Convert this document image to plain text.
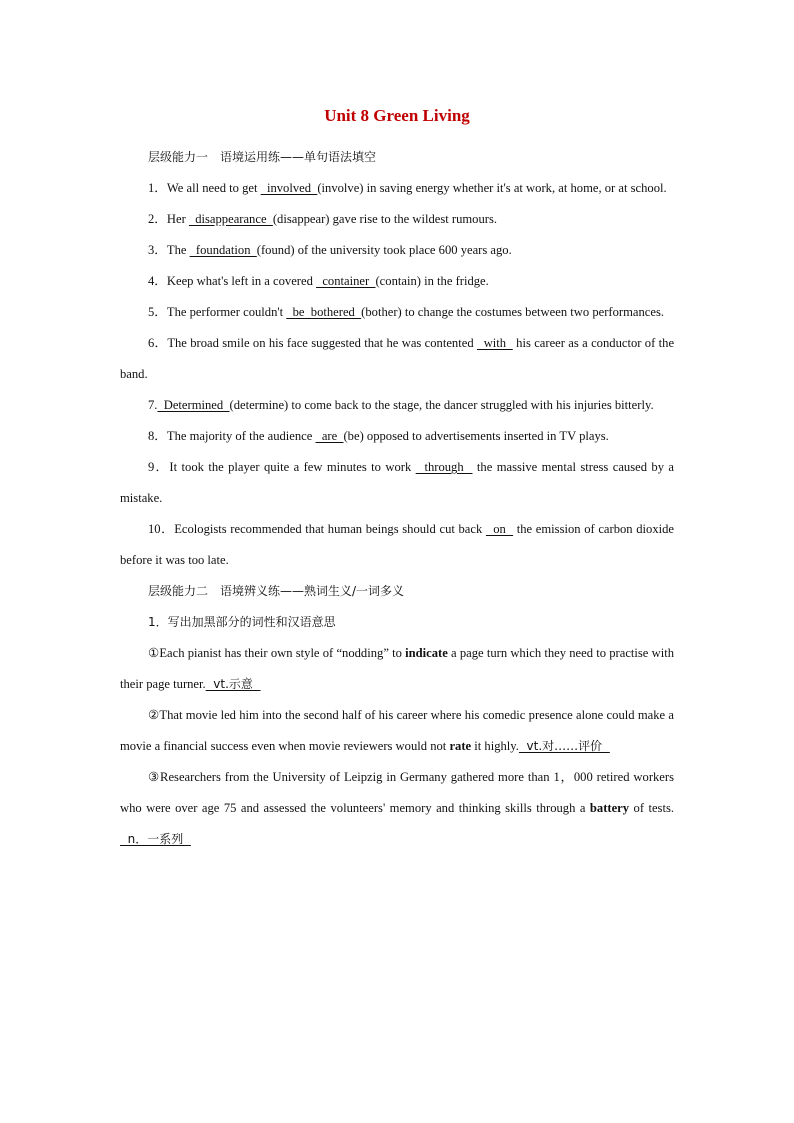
Unit 8 Green Living

层级能力一　语境运用练——单句语法填空

1．We all need to get   involved  (involve) in saving energy whether it's at work, at home, or at school.

2．Her   disappearance  (disappear) gave rise to the wildest rumours.

3．The   foundation  (found) of the university took place 600 years ago.

4．Keep what's left in a covered   container  (contain) in the fridge.

5．The performer couldn't   be  bothered  (bother) to change the costumes between two performances.

6．The broad smile on his face suggested that he was contented   with   his career as a conductor of the band.

7.  Determined  (determine) to come back to the stage, the dancer struggled with his injuries bitterly.

8．The majority of the audience   are  (be) opposed to advertisements inserted in TV plays.

9．It took the player quite a few minutes to work   through   the massive mental stress caused by a mistake.

10．Ecologists recommended that human beings should cut back   on   the emission of carbon dioxide before it was too late.

层级能力二　语境辨义练——熟词生义/一词多义

1．写出加黑部分的词性和汉语意思

①Each pianist has their own style of “nodding” to indicate a page turn which they need to practise with their page turner.  vt.示意

②That movie led him into the second half of his career where his comedic presence alone could make a movie a financial success even when movie reviewers would not rate it highly.  vt.对……评价

③Researchers from the University of Leipzig in Germany gathered more than 1，000 retired workers who were over age 75 and assessed the volunteers' memory and thinking skills through a battery of tests.  n．一系列
